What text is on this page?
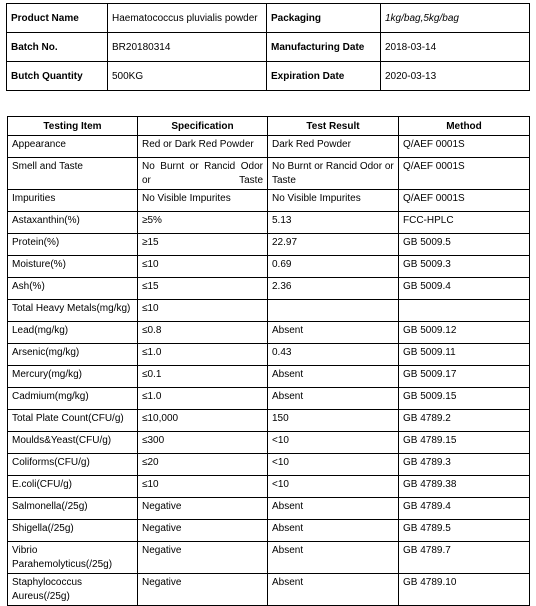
Product Name	Haematococcus pluvialis powder	Packaging	1kg/bag,5kg/bag
Batch No.	BR20180314	Manufacturing Date	2018-03-14
Butch Quantity	500KG	Expiration Date	2020-03-13
Testing Item	Specification	Test Result	Method
Appearance	Red or Dark Red Powder	Dark Red Powder	Q/AEF 0001S
Smell and Taste	No Burnt or Rancid Odor or Taste	No Burnt or Rancid Odor or Taste	Q/AEF 0001S
Impurities	No Visible Impurites	No Visible Impurites	Q/AEF 0001S
Astaxanthin(%)	≥5%	5.13	FCC-HPLC
Protein(%)	≥15	22.97	GB 5009.5
Moisture(%)	≤10	0.69	GB 5009.3
Ash(%)	≤15	2.36	GB 5009.4
Total Heavy Metals(mg/kg)	≤10		
Lead(mg/kg)	≤0.8	Absent	GB 5009.12
Arsenic(mg/kg)	≤1.0	0.43	GB 5009.11
Mercury(mg/kg)	≤0.1	Absent	GB 5009.17
Cadmium(mg/kg)	≤1.0	Absent	GB 5009.15
Total Plate Count(CFU/g)	≤10,000	150	GB 4789.2
Moulds&Yeast(CFU/g)	≤300	<10	GB 4789.15
Coliforms(CFU/g)	≤20	<10	GB 4789.3
E.coli(CFU/g)	≤10	<10	GB 4789.38
Salmonella(/25g)	Negative	Absent	GB 4789.4
Shigella(/25g)	Negative	Absent	GB 4789.5
Vibrio Parahemolyticus(/25g)	Negative	Absent	GB 4789.7
Staphylococcus Aureus(/25g)	Negative	Absent	GB 4789.10
